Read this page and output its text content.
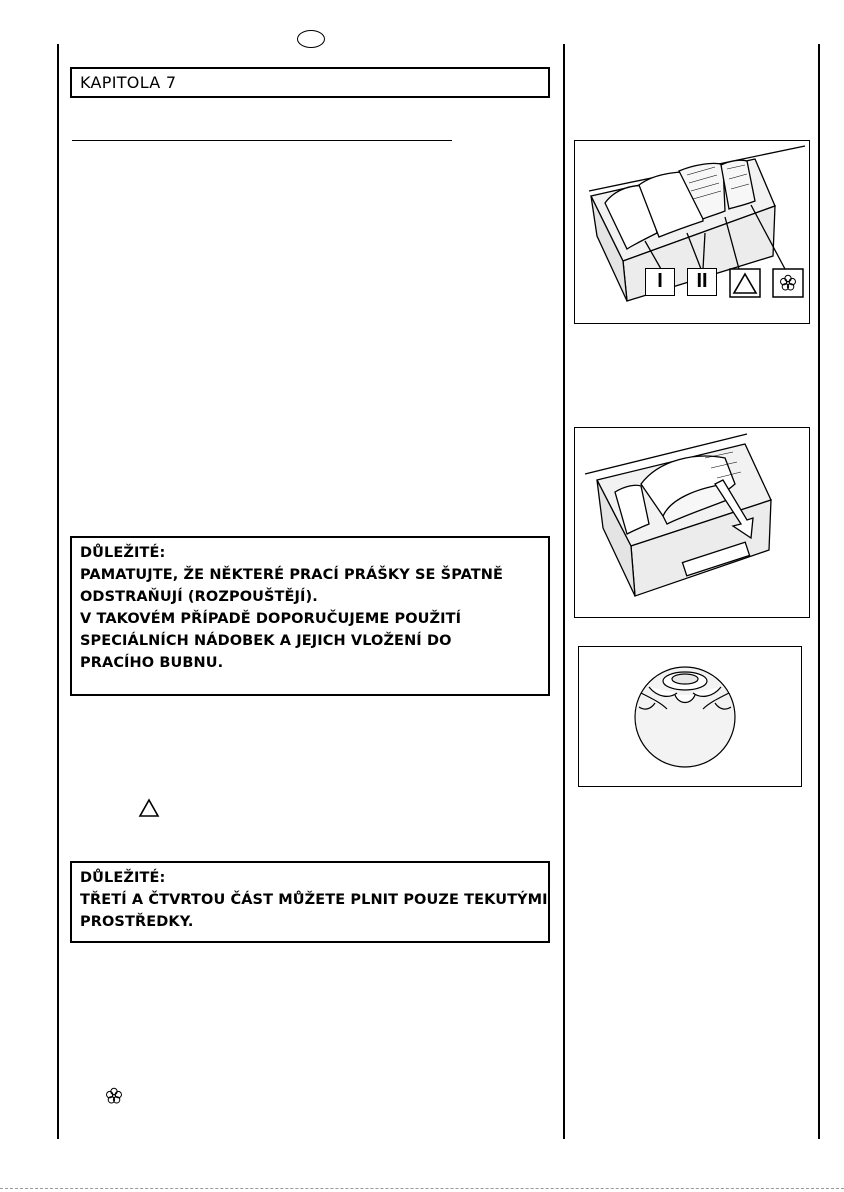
KAPITOLA 7
DŮLEŽITÉ:
PAMATUJTE, ŽE NĚKTERÉ PRACÍ PRÁŠKY SE ŠPATNĚ
ODSTRAŇUJÍ (ROZPOUŠTĚJÍ).
V TAKOVÉM PŘÍPADĚ DOPORUČUJEME POUŽITÍ
SPECIÁLNÍCH NÁDOBEK A JEJICH VLOŽENÍ DO
PRACÍHO BUBNU.
DŮLEŽITÉ:
TŘETÍ A ČTVRTOU ČÁST MŮŽETE PLNIT POUZE TEKUTÝMI
PROSTŘEDKY.
I	II
